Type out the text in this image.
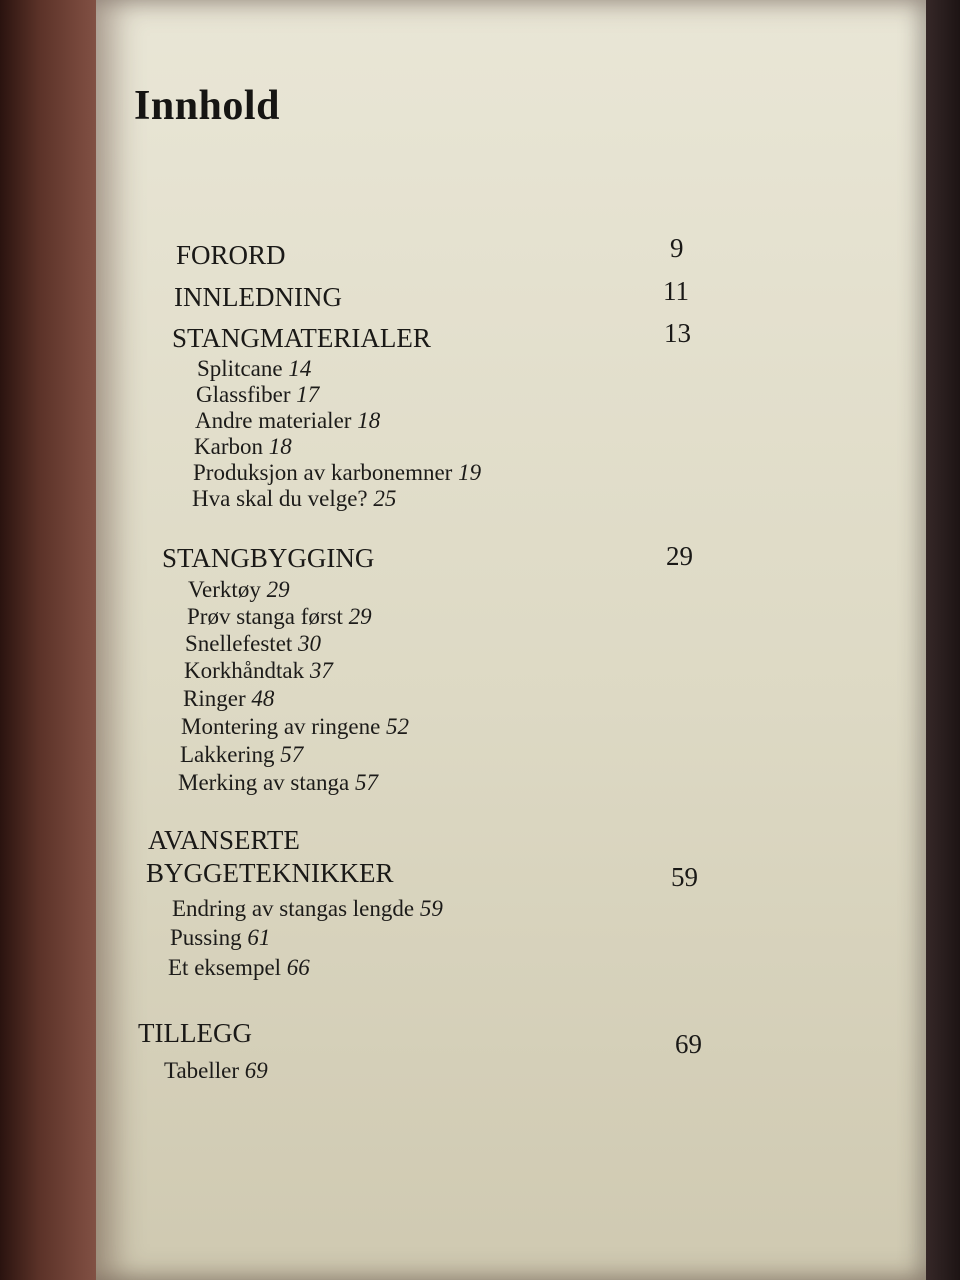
Innhold
FORORD	9
INNLEDNING	11
STANGMATERIALER	13
Splitcane 14
Glassfiber 17
Andre materialer 18
Karbon 18
Produksjon av karbonemner 19
Hva skal du velge? 25
STANGBYGGING	29
Verktøy 29
Prøv stanga først 29
Snellefestet 30
Korkhåndtak 37
Ringer 48
Montering av ringene 52
Lakkering 57
Merking av stanga 57
AVANSERTE
BYGGETEKNIKKER	59
Endring av stangas lengde 59
Pussing 61
Et eksempel 66
TILLEGG	69
Tabeller 69
